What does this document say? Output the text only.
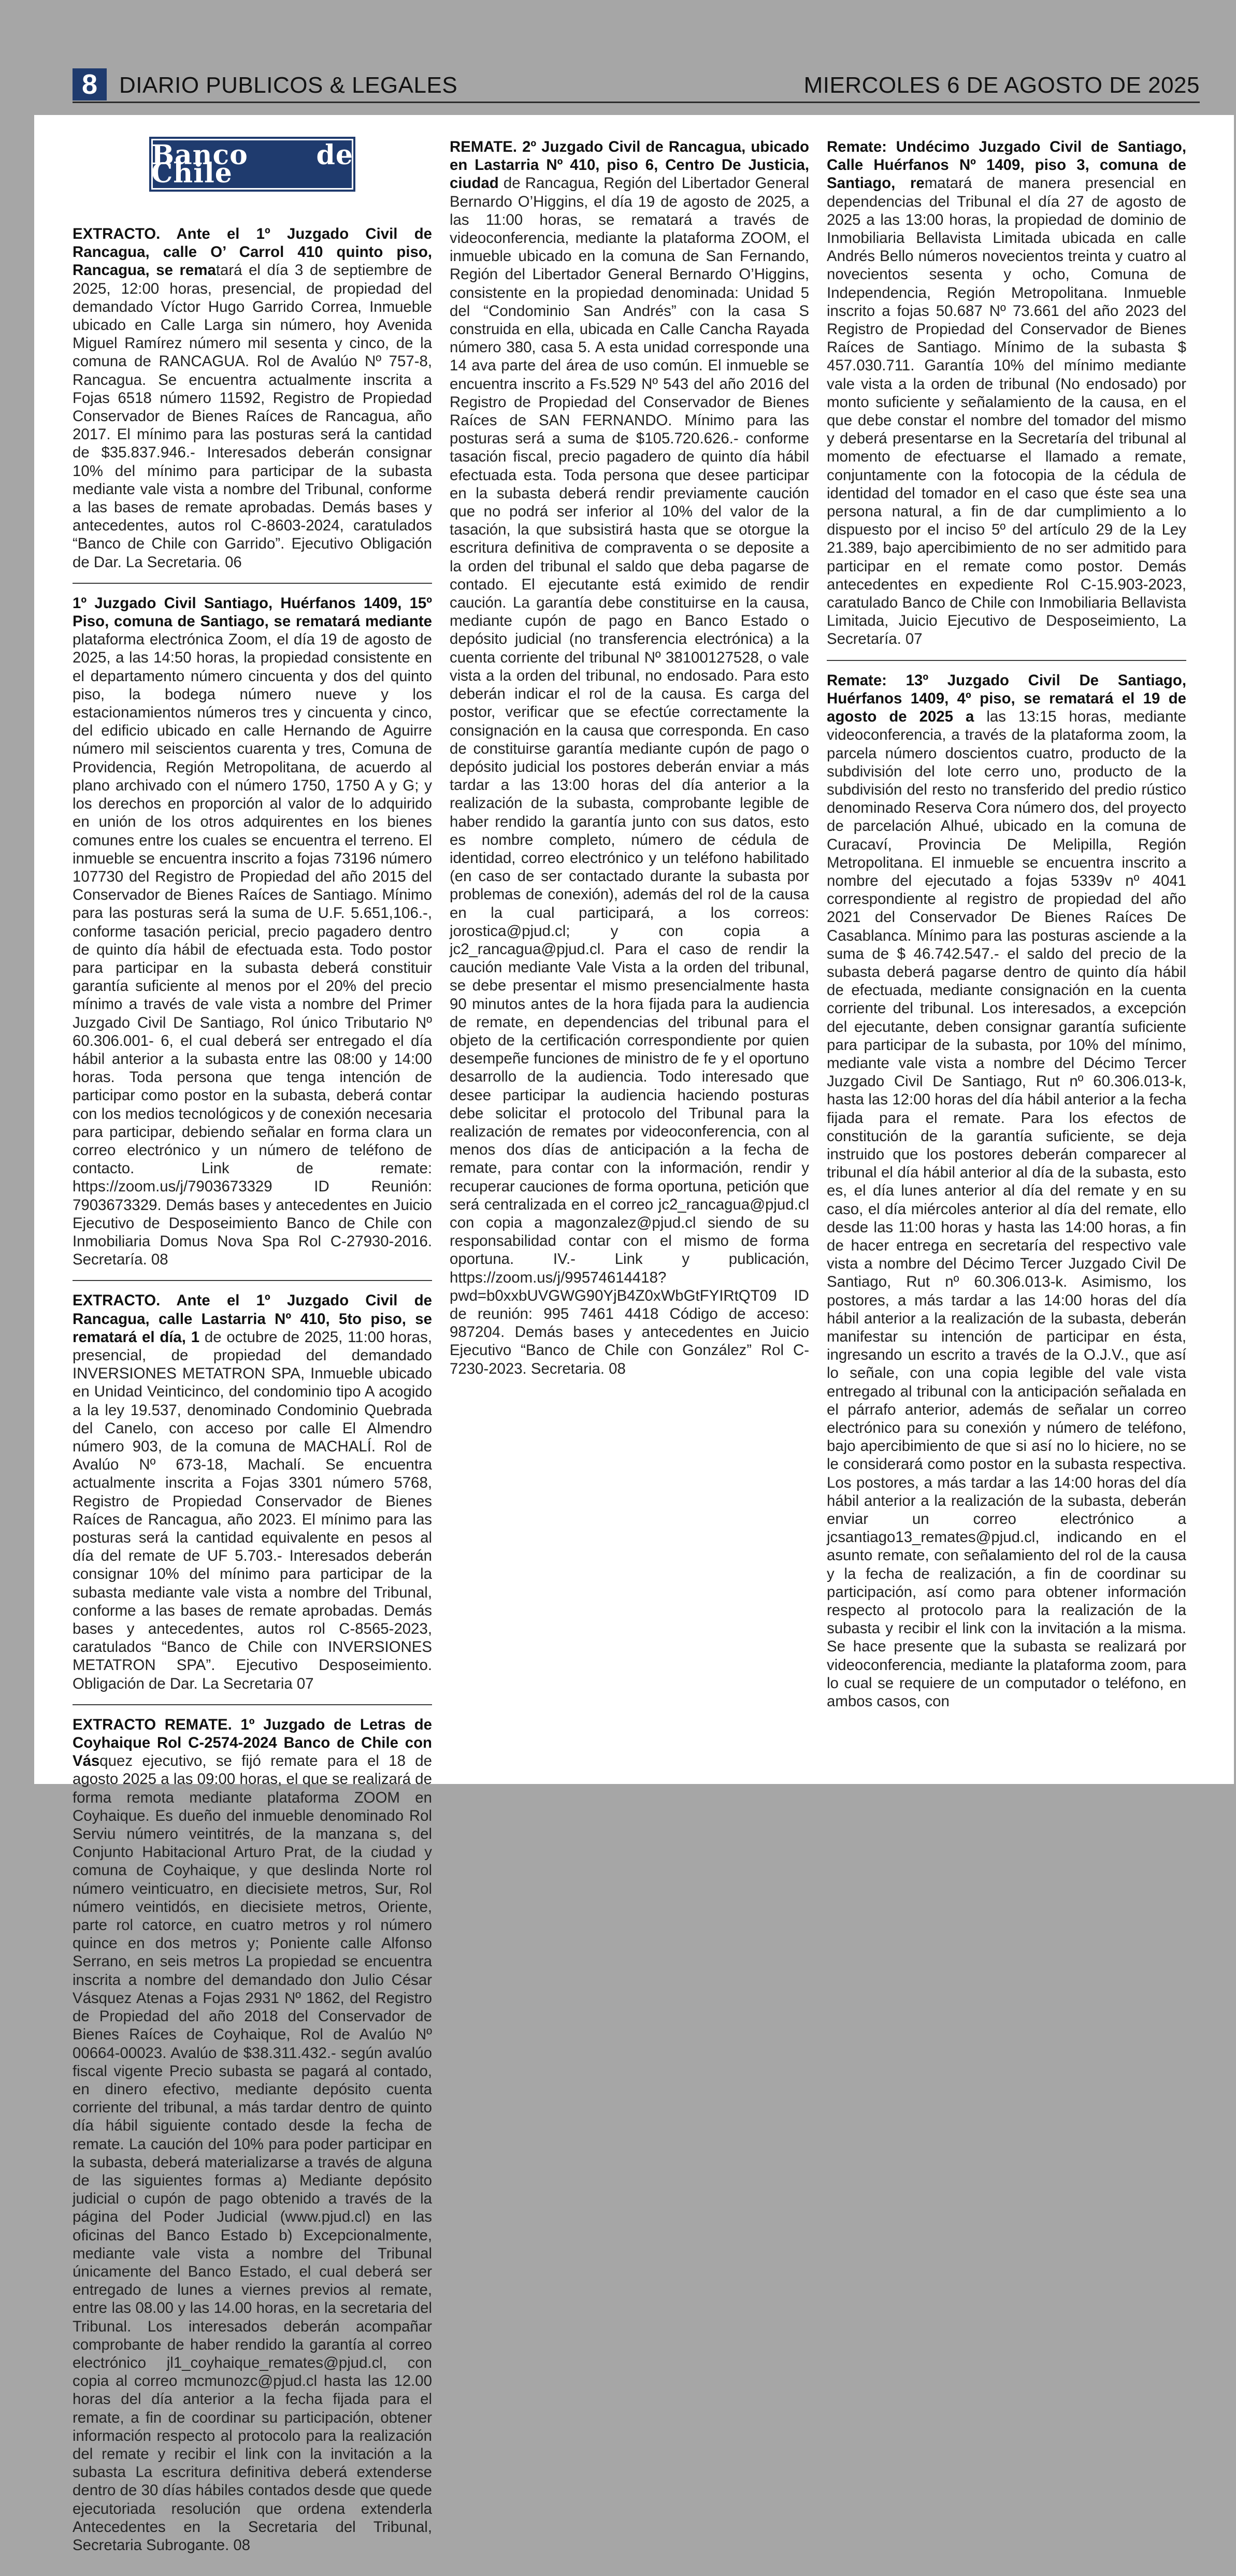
8 DIARIO PUBLICOS & LEGALES	MIERCOLES 6 DE AGOSTO DE 2025
Banco de Chile

EXTRACTO. Ante el 1º Juzgado Civil de Rancagua, calle O’ Carrol 410 quinto piso, Rancagua, se rematará el día 3 de septiembre de 2025, 12:00 horas, presencial, de propiedad del demandado Víctor Hugo Garrido Correa, Inmueble ubicado en Calle Larga sin número, hoy Avenida Miguel Ramírez número mil sesenta y cinco, de la comuna de RANCAGUA. Rol de Avalúo Nº 757-8, Rancagua. Se encuentra actualmente inscrita a Fojas 6518 número 11592, Registro de Propiedad Conservador de Bienes Raíces de Rancagua, año 2017. El mínimo para las posturas será la cantidad de $35.837.946.- Interesados deberán consignar 10% del mínimo para participar de la subasta mediante vale vista a nombre del Tribunal, conforme a las bases de remate aprobadas. Demás bases y antecedentes, autos rol C-8603-2024, caratulados “Banco de Chile con Garrido”. Ejecutivo Obligación de Dar. La Secretaria. 06

1º Juzgado Civil Santiago, Huérfanos 1409, 15º Piso, comuna de Santiago, se rematará mediante plataforma electrónica Zoom, el día 19 de agosto de 2025, a las 14:50 horas, la propiedad consistente en el departamento número cincuenta y dos del quinto piso, la bodega número nueve y los estacionamientos números tres y cincuenta y cinco, del edificio ubicado en calle Hernando de Aguirre número mil seiscientos cuarenta y tres, Comuna de Providencia, Región Metropolitana, de acuerdo al plano archivado con el número 1750, 1750 A y G; y los derechos en proporción al valor de lo adquirido en unión de los otros adquirentes en los bienes comunes entre los cuales se encuentra el terreno. El inmueble se encuentra inscrito a fojas 73196 número 107730 del Registro de Propiedad del año 2015 del Conservador de Bienes Raíces de Santiago. Mínimo para las posturas será la suma de U.F. 5.651,106.-, conforme tasación pericial, precio pagadero dentro de quinto día hábil de efectuada esta. Todo postor para participar en la subasta deberá constituir garantía suficiente al menos por el 20% del precio mínimo a través de vale vista a nombre del Primer Juzgado Civil De Santiago, Rol único Tributario Nº 60.306.001- 6, el cual deberá ser entregado el día hábil anterior a la subasta entre las 08:00 y 14:00 horas. Toda persona que tenga intención de participar como postor en la subasta, deberá contar con los medios tecnológicos y de conexión necesaria para participar, debiendo señalar en forma clara un correo electrónico y un número de teléfono de contacto. Link de remate: https://zoom.us/j/7903673329 ID Reunión: 7903673329. Demás bases y antecedentes en Juicio Ejecutivo de Desposeimiento Banco de Chile con Inmobiliaria Domus Nova Spa Rol C-27930-2016. Secretaría. 08

EXTRACTO. Ante el 1º Juzgado Civil de Rancagua, calle Lastarria Nº 410, 5to piso, se rematará el día, 1 de octubre de 2025, 11:00 horas, presencial, de propiedad del demandado INVERSIONES METATRON SPA, Inmueble ubicado en Unidad Veinticinco, del condominio tipo A acogido a la ley 19.537, denominado Condominio Quebrada del Canelo, con acceso por calle El Almendro número 903, de la comuna de MACHALÍ. Rol de Avalúo Nº 673-18, Machalí. Se encuentra actualmente inscrita a Fojas 3301 número 5768, Registro de Propiedad Conservador de Bienes Raíces de Rancagua, año 2023. El mínimo para las posturas será la cantidad equivalente en pesos al día del remate de UF 5.703.- Interesados deberán consignar 10% del mínimo para participar de la subasta mediante vale vista a nombre del Tribunal, conforme a las bases de remate aprobadas. Demás bases y antecedentes, autos rol C-8565-2023, caratulados “Banco de Chile con INVERSIONES METATRON SPA”. Ejecutivo Desposeimiento. Obligación de Dar. La Secretaria 07

EXTRACTO REMATE. 1º Juzgado de Letras de Coyhaique Rol C-2574-2024 Banco de Chile con Vásquez ejecutivo, se fijó remate para el 18 de agosto 2025 a las 09:00 horas, el que se realizará de forma remota mediante plataforma ZOOM en Coyhaique. Es dueño del inmueble denominado Rol Serviu número veintitrés, de la manzana s, del Conjunto Habitacional Arturo Prat, de la ciudad y comuna de Coyhaique, y que deslinda Norte rol número veinticuatro, en diecisiete metros, Sur, Rol número veintidós, en diecisiete metros, Oriente, parte rol catorce, en cuatro metros y rol número quince en dos metros y; Poniente calle Alfonso Serrano, en seis metros La propiedad se encuentra inscrita a nombre del demandado don Julio César Vásquez Atenas a Fojas 2931 Nº 1862, del Registro de Propiedad del año 2018 del Conservador de Bienes Raíces de Coyhaique, Rol de Avalúo Nº 00664-00023. Avalúo de $38.311.432.- según avalúo fiscal vigente Precio subasta se pagará al contado, en dinero efectivo, mediante depósito cuenta corriente del tribunal, a más tardar dentro de quinto día hábil siguiente contado desde la fecha de remate. La caución del 10% para poder participar en la subasta, deberá materializarse a través de alguna de las siguientes formas a) Mediante depósito judicial o cupón de pago obtenido a través de la página del Poder Judicial (www.pjud.cl) en las oficinas del Banco Estado b) Excepcionalmente, mediante vale vista a nombre del Tribunal únicamente del Banco Estado, el cual deberá ser entregado de lunes a viernes previos al remate, entre las 08.00 y las 14.00 horas, en la secretaria del Tribunal. Los interesados deberán acompañar comprobante de haber rendido la garantía al correo electrónico jl1_coyhaique_remates@pjud.cl, con copia al correo mcmunozc@pjud.cl hasta las 12.00 horas del día anterior a la fecha fijada para el remate, a fin de coordinar su participación, obtener información respecto al protocolo para la realización del remate y recibir el link con la invitación a la subasta La escritura definitiva deberá extenderse dentro de 30 días hábiles contados desde que quede ejecutoriada resolución que ordena extenderla Antecedentes en la Secretaria del Tribunal, Secretaria Subrogante. 08

REMATE. 2º Juzgado Civil de Rancagua, ubicado en Lastarria Nº 410, piso 6, Centro De Justicia, ciudad de Rancagua, Región del Libertador General Bernardo O’Higgins, el día 19 de agosto de 2025, a las 11:00 horas, se rematará a través de videoconferencia, mediante la plataforma ZOOM, el inmueble ubicado en la comuna de San Fernando, Región del Libertador General Bernardo O’Higgins, consistente en la propiedad denominada: Unidad 5 del “Condominio San Andrés” con la casa S construida en ella, ubicada en Calle Cancha Rayada número 380, casa 5. A esta unidad corresponde una 14 ava parte del área de uso común. El inmueble se encuentra inscrito a Fs.529 Nº 543 del año 2016 del Registro de Propiedad del Conservador de Bienes Raíces de SAN FERNANDO. Mínimo para las posturas será a suma de $105.720.626.- conforme tasación fiscal, precio pagadero de quinto día hábil efectuada esta. Toda persona que desee participar en la subasta deberá rendir previamente caución que no podrá ser inferior al 10% del valor de la tasación, la que subsistirá hasta que se otorgue la escritura definitiva de compraventa o se deposite a la orden del tribunal el saldo que deba pagarse de contado. El ejecutante está eximido de rendir caución. La garantía debe constituirse en la causa, mediante cupón de pago en Banco Estado o depósito judicial (no transferencia electrónica) a la cuenta corriente del tribunal Nº 38100127528, o vale vista a la orden del tribunal, no endosado. Para esto deberán indicar el rol de la causa. Es carga del postor, verificar que se efectúe correctamente la consignación en la causa que corresponda. En caso de constituirse garantía mediante cupón de pago o depósito judicial los postores deberán enviar a más tardar a las 13:00 horas del día anterior a la realización de la subasta, comprobante legible de haber rendido la garantía junto con sus datos, esto es nombre completo, número de cédula de identidad, correo electrónico y un teléfono habilitado (en caso de ser contactado durante la subasta por problemas de conexión), además del rol de la causa en la cual participará, a los correos: jorostica@pjud.cl; y con copia a jc2_rancagua@pjud.cl. Para el caso de rendir la caución mediante Vale Vista a la orden del tribunal, se debe presentar el mismo presencialmente hasta 90 minutos antes de la hora fijada para la audiencia de remate, en dependencias del tribunal para el objeto de la certificación correspondiente por quien desempeñe funciones de ministro de fe y el oportuno desarrollo de la audiencia. Todo interesado que desee participar la audiencia haciendo posturas debe solicitar el protocolo del Tribunal para la realización de remates por videoconferencia, con al menos dos días de anticipación a la fecha de remate, para contar con la información, rendir y recuperar cauciones de forma oportuna, petición que será centralizada en el correo jc2_rancagua@pjud.cl con copia a magonzalez@pjud.cl siendo de su responsabilidad contar con el mismo de forma oportuna. IV.- Link y publicación, https://zoom.us/j/99574614418?pwd=b0xxbUVGWG90YjB4Z0xWbGtFYIRtQT09 ID de reunión: 995 7461 4418 Código de acceso: 987204. Demás bases y antecedentes en Juicio Ejecutivo “Banco de Chile con González” Rol C-7230-2023. Secretaria. 08

Remate: Undécimo Juzgado Civil de Santiago, Calle Huérfanos Nº 1409, piso 3, comuna de Santiago, rematará de manera presencial en dependencias del Tribunal el día 27 de agosto de 2025 a las 13:00 horas, la propiedad de dominio de Inmobiliaria Bellavista Limitada ubicada en calle Andrés Bello números novecientos treinta y cuatro al novecientos sesenta y ocho, Comuna de Independencia, Región Metropolitana. Inmueble inscrito a fojas 50.687 Nº 73.661 del año 2023 del Registro de Propiedad del Conservador de Bienes Raíces de Santiago. Mínimo de la subasta $ 457.030.711. Garantía 10% del mínimo mediante vale vista a la orden de tribunal (No endosado) por monto suficiente y señalamiento de la causa, en el que debe constar el nombre del tomador del mismo y deberá presentarse en la Secretaría del tribunal al momento de efectuarse el llamado a remate, conjuntamente con la fotocopia de la cédula de identidad del tomador en el caso que éste sea una persona natural, a fin de dar cumplimiento a lo dispuesto por el inciso 5º del artículo 29 de la Ley 21.389, bajo apercibimiento de no ser admitido para participar en el remate como postor. Demás antecedentes en expediente Rol C-15.903-2023, caratulado Banco de Chile con Inmobiliaria Bellavista Limitada, Juicio Ejecutivo de Desposeimiento, La Secretaría. 07

Remate: 13º Juzgado Civil De Santiago, Huérfanos 1409, 4º piso, se rematará el 19 de agosto de 2025 a las 13:15 horas, mediante videoconferencia, a través de la plataforma zoom, la parcela número doscientos cuatro, producto de la subdivisión del lote cerro uno, producto de la subdivisión del resto no transferido del predio rústico denominado Reserva Cora número dos, del proyecto de parcelación Alhué, ubicado en la comuna de Curacaví, Provincia De Melipilla, Región Metropolitana. El inmueble se encuentra inscrito a nombre del ejecutado a fojas 5339v nº 4041 correspondiente al registro de propiedad del año 2021 del Conservador De Bienes Raíces De Casablanca. Mínimo para las posturas asciende a la suma de $ 46.742.547.- el saldo del precio de la subasta deberá pagarse dentro de quinto día hábil de efectuada, mediante consignación en la cuenta corriente del tribunal. Los interesados, a excepción del ejecutante, deben consignar garantía suficiente para participar de la subasta, por 10% del mínimo, mediante vale vista a nombre del Décimo Tercer Juzgado Civil De Santiago, Rut nº 60.306.013-k, hasta las 12:00 horas del día hábil anterior a la fecha fijada para el remate. Para los efectos de constitución de la garantía suficiente, se deja instruido que los postores deberán comparecer al tribunal el día hábil anterior al día de la subasta, esto es, el día lunes anterior al día del remate y en su caso, el día miércoles anterior al día del remate, ello desde las 11:00 horas y hasta las 14:00 horas, a fin de hacer entrega en secretaría del respectivo vale vista a nombre del Décimo Tercer Juzgado Civil De Santiago, Rut nº 60.306.013-k. Asimismo, los postores, a más tardar a las 14:00 horas del día hábil anterior a la realización de la subasta, deberán manifestar su intención de participar en ésta, ingresando un escrito a través de la O.J.V., que así lo señale, con una copia legible del vale vista entregado al tribunal con la anticipación señalada en el párrafo anterior, además de señalar un correo electrónico para su conexión y número de teléfono, bajo apercibimiento de que si así no lo hiciere, no se le considerará como postor en la subasta respectiva. Los postores, a más tardar a las 14:00 horas del día hábil anterior a la realización de la subasta, deberán enviar un correo electrónico a jcsantiago13_remates@pjud.cl, indicando en el asunto remate, con señalamiento del rol de la causa y la fecha de realización, a fin de coordinar su participación, así como para obtener información respecto al protocolo para la realización de la subasta y recibir el link con la invitación a la misma. Se hace presente que la subasta se realizará por videoconferencia, mediante la plataforma zoom, para lo cual se requiere de un computador o teléfono, en ambos casos, con
